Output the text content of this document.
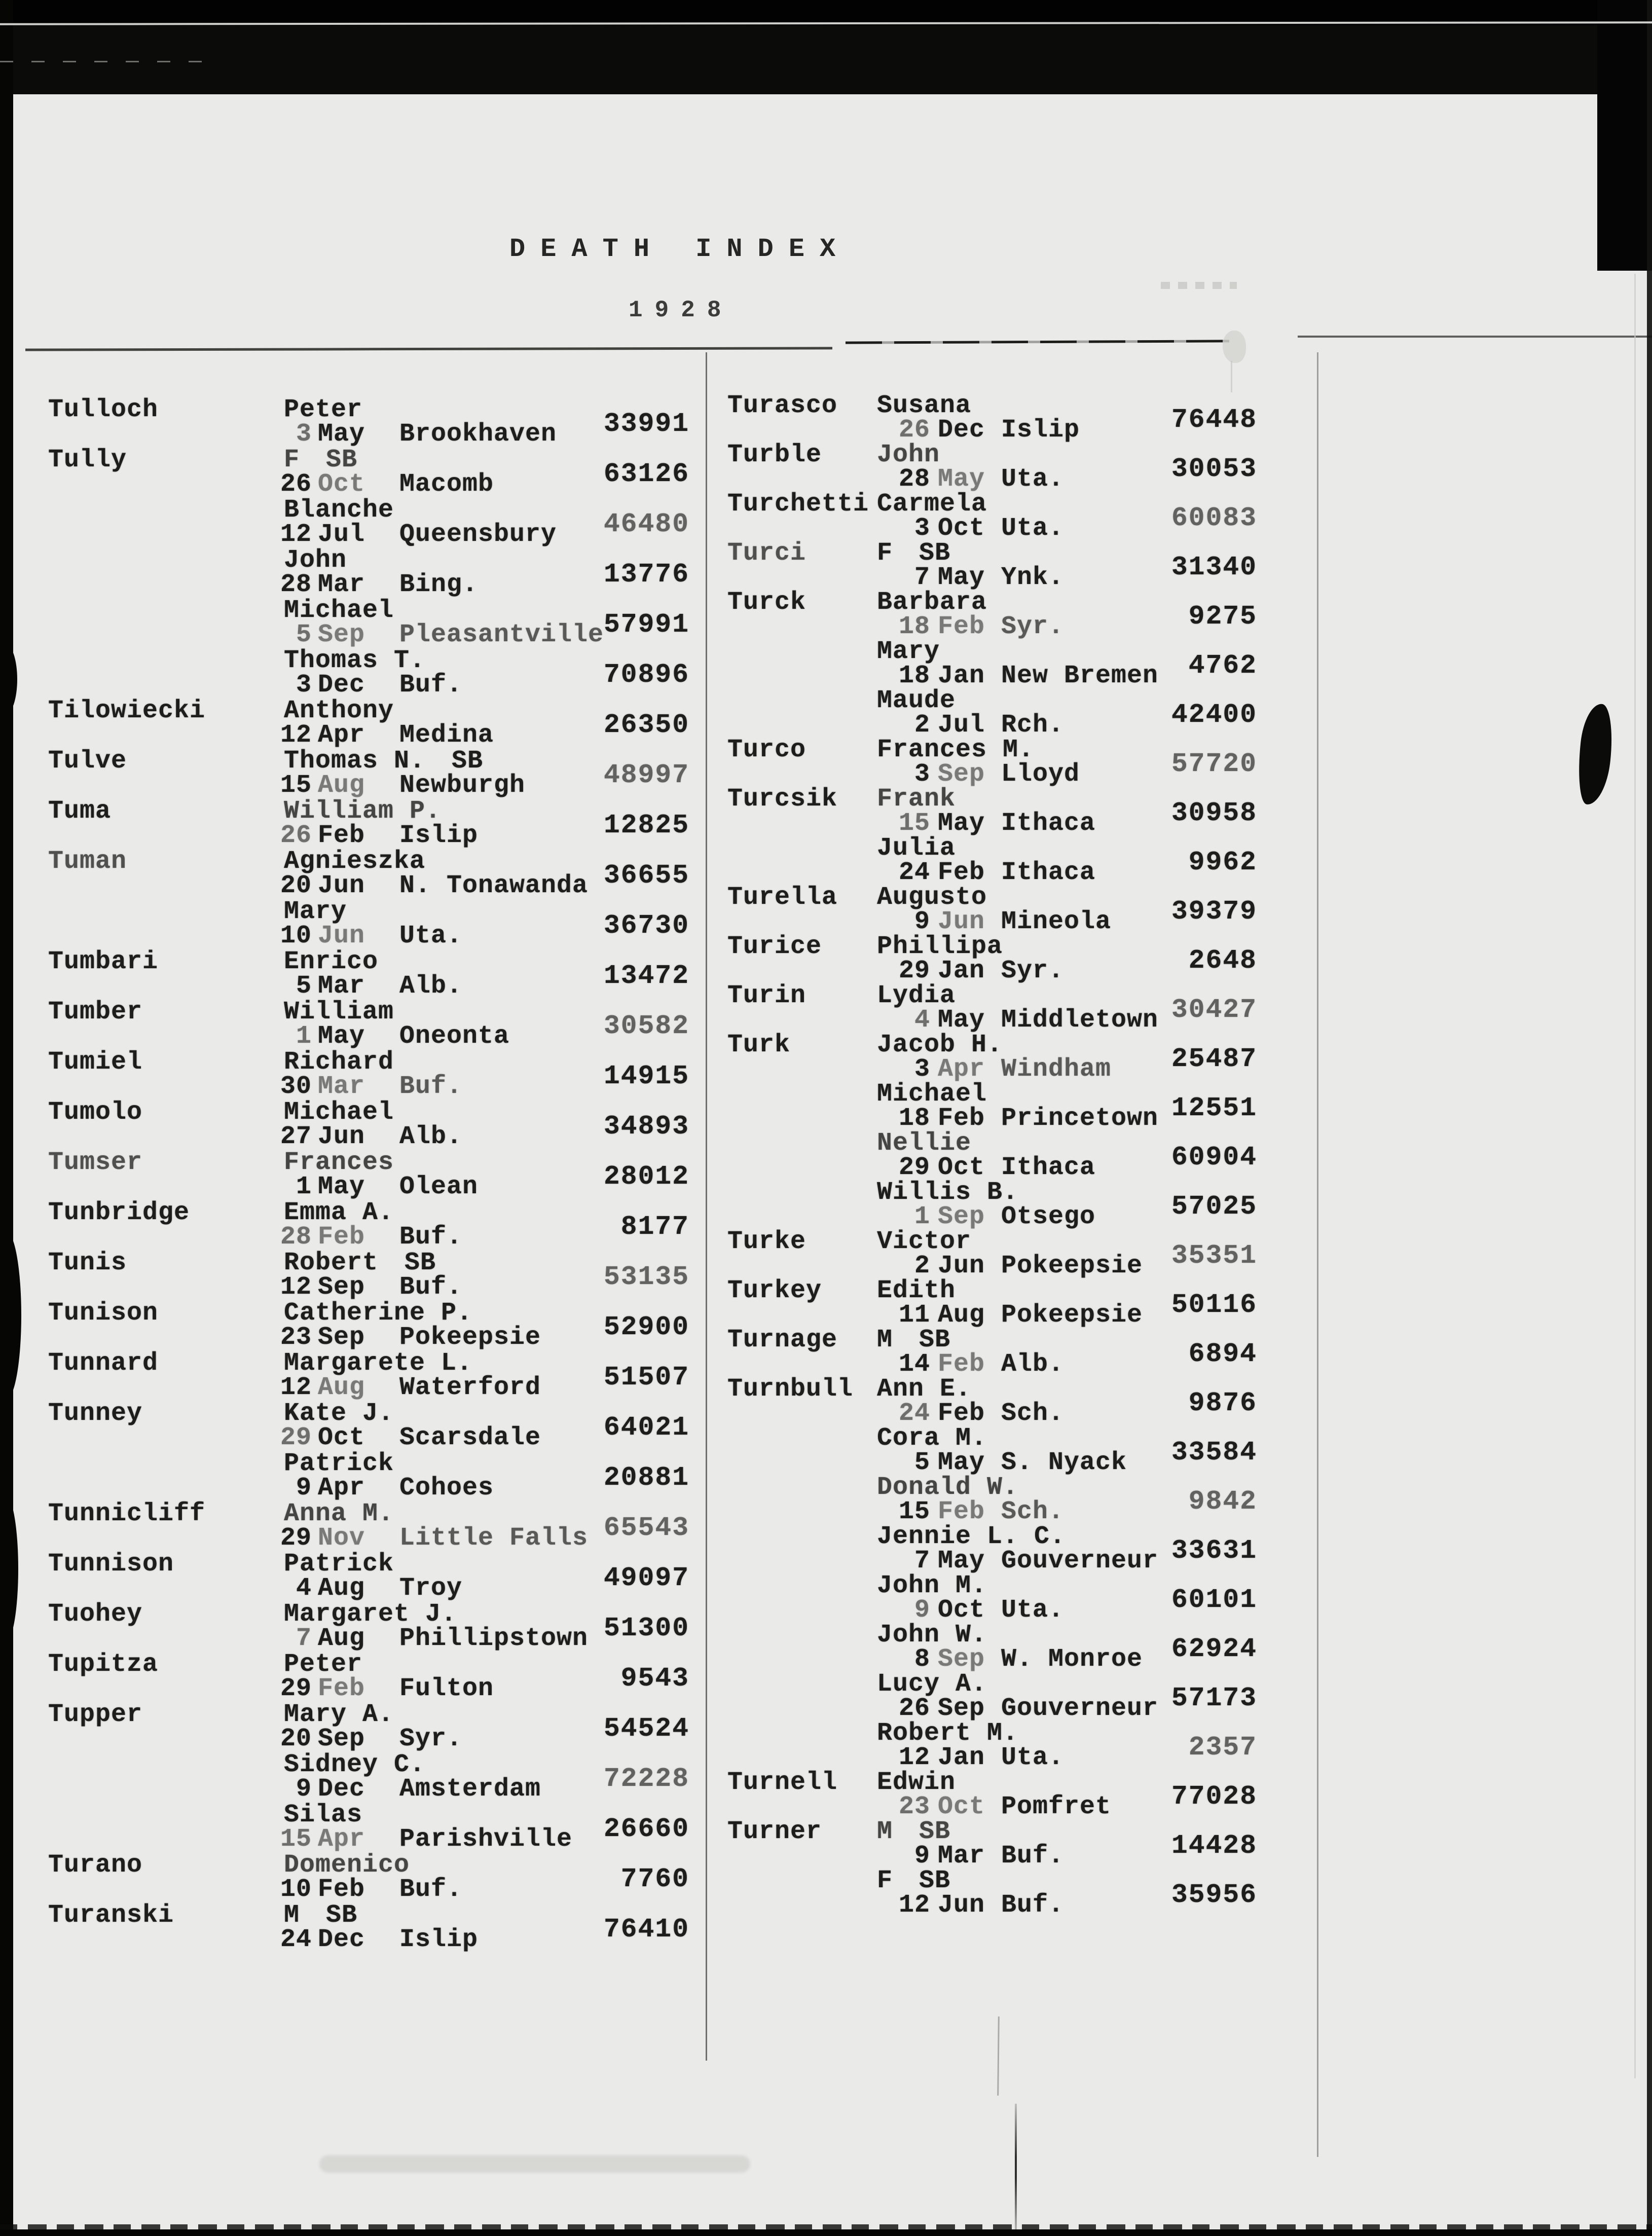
DEATH INDEX
1928
Tulloch	Peter
3 May Brookhaven 33991
Tully	F SB
26 Oct Macomb	63126
Blanche
12 Jul Queensbury 46480
John
28 Mar Bing.	13776
Michael
5 Sep Pleasantville 57991
Thomas T.
3 Dec Buf.	70896
Tilowiecki	Anthony
12 Apr Medina	26350
Tulve	Thomas N. SB
15 Aug Newburgh	48997
Tuma	William P.
26 Feb Islip	12825
Tuman	Agnieszka
20 Jun N. Tonawanda 36655
Mary
10 Jun Uta.	36730
Tumbari	Enrico
5 Mar Alb.	13472
Tumber	William
1 May Oneonta	30582
Tumiel	Richard
30 Mar Buf.	14915
Tumolo	Michael
27 Jun Alb.	34893
Tumser	Frances
1 May Olean	28012
Tunbridge	Emma A.
28 Feb Buf.	8177
Tunis	Robert SB
12 Sep Buf.	53135
Tunison	Catherine P.
23 Sep Pokeepsie 52900
Tunnard	Margarete L.
12 Aug Waterford 51507
Tunney	Kate J.
29 Oct Scarsdale 64021
Patrick
9 Apr Cohoes	20881
Tunnicliff	Anna M.
29 Nov Little Falls 65543
Tunnison	Patrick
4 Aug Troy	49097
Tuohey	Margaret J.
7 Aug Phillipstown 51300
Tupitza	Peter
29 Feb Fulton	9543
Tupper	Mary A.
20 Sep Syr.	54524
Sidney C.
9 Dec Amsterdam 72228
Silas
15 Apr Parishville 26660
Turano	Domenico
10 Feb Buf.	7760
Turanski	M SB
24 Dec Islip	76410
Turasco Susana
26 Dec Islip	76448
Turble John
28 May Uta.	30053
Turchetti Carmela
3 Oct Uta.	60083
Turci	F SB
7 May Ynk.	31340
Turck	Barbara
18 Feb Syr.	9275
Mary
18 Jan New Bremen 4762
Maude
2 Jul Rch.	42400
Turco	Frances M.
3 Sep Lloyd	57720
Turcsik Frank
15 May Ithaca	30958
Julia
24 Feb Ithaca	9962
Turella Augusto
9 Jun Mineola 39379
Turice Phillipa
29 Jan Syr.	2648
Turin	Lydia
4 May Middletown 30427
Turk	Jacob H.
3 Apr Windham 25487
Michael
18 Feb Princetown 12551
Nellie
29 Oct Ithaca	60904
Willis B.
1 Sep Otsego	57025
Turke	Victor
2 Jun Pokeepsie 35351
Turkey Edith
11 Aug Pokeepsie 50116
Turnage M SB
14 Feb Alb.	6894
Turnbull Ann E.
24 Feb Sch.	9876
Cora M.
5 May S. Nyack 33584
Donald W.
15 Feb Sch.	9842
Jennie L. C.
7 May Gouverneur 33631
John M.
9 Oct Uta.	60101
John W.
8 Sep W. Monroe 62924
Lucy A.
26 Sep Gouverneur 57173
Robert M.
12 Jan Uta.	2357
Turnell Edwin
23 Oct Pomfret 77028
Turner M SB
9 Mar Buf.	14428
F SB
12 Jun Buf.	35956
